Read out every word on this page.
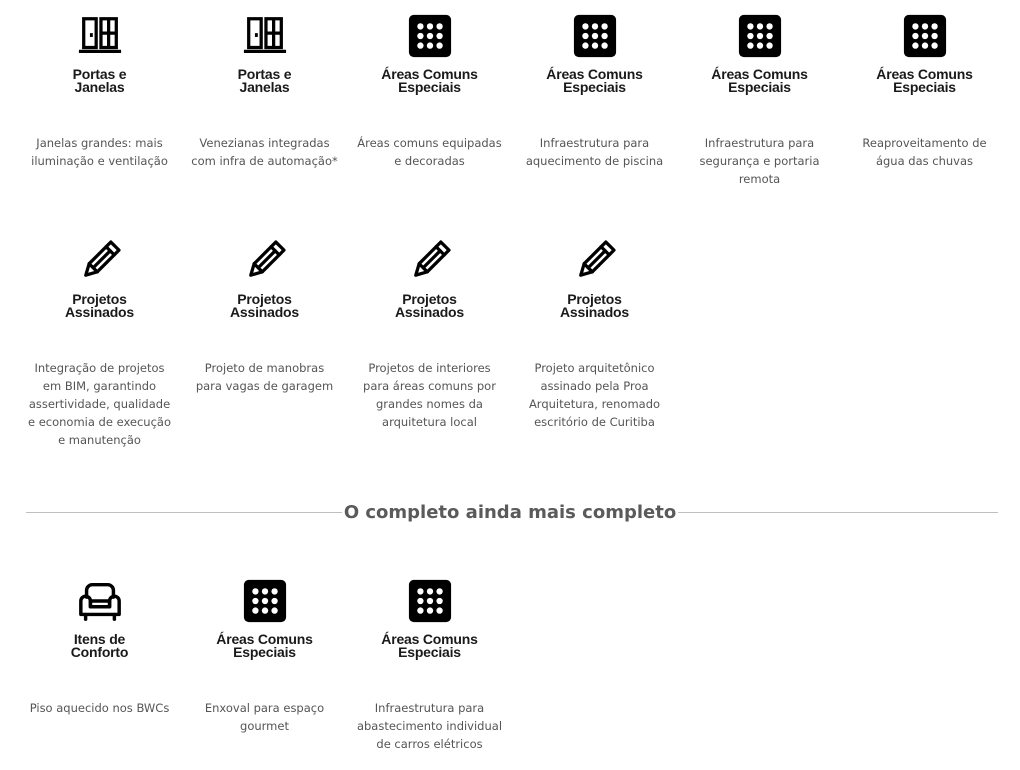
Portas e
Janelas
Janelas grandes: mais iluminação e ventilação
Portas e
Janelas
Venezianas integradas com infra de automação*
Áreas Comuns
Especiais
Áreas comuns equipadas e decoradas
Áreas Comuns
Especiais
Infraestrutura para aquecimento de piscina
Áreas Comuns
Especiais
Infraestrutura para segurança e portaria remota
Áreas Comuns
Especiais
Reaproveitamento de água das chuvas
Projetos
Assinados
Integração de projetos em BIM, garantindo assertividade, qualidade e economia de execução e manutenção
Projetos
Assinados
Projeto de manobras para vagas de garagem
Projetos
Assinados
Projetos de interiores para áreas comuns por grandes nomes da arquitetura local
Projetos
Assinados
Projeto arquitetônico assinado pela Proa Arquitetura, renomado escritório de Curitiba
O completo ainda mais completo
Itens de
Conforto
Piso aquecido nos BWCs
Áreas Comuns
Especiais
Enxoval para espaço gourmet
Áreas Comuns
Especiais
Infraestrutura para abastecimento individual de carros elétricos
